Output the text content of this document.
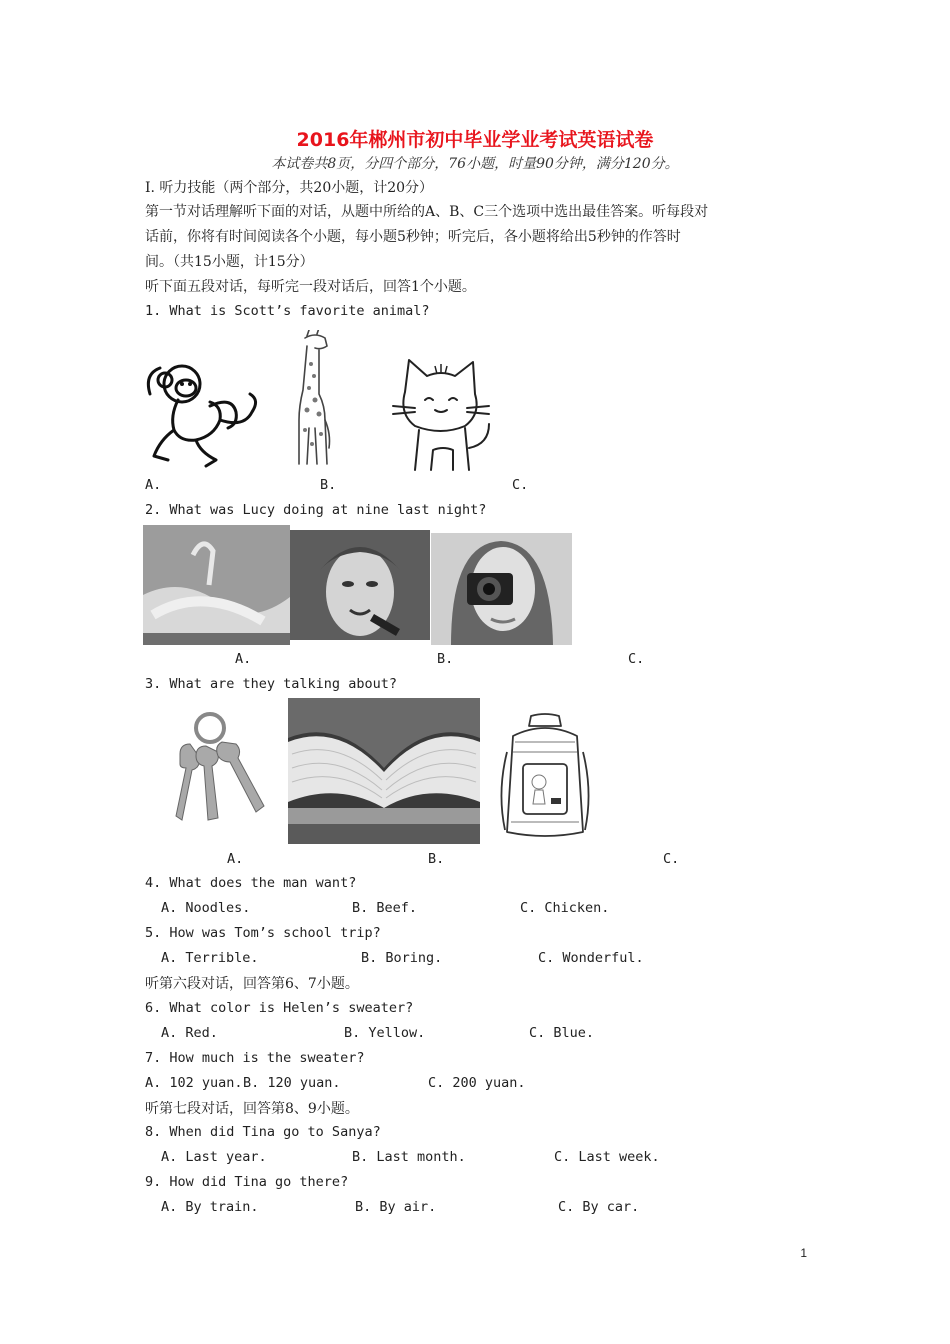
2016年郴州市初中毕业学业考试英语试卷
本试卷共8页，分四个部分，76小题，时量90分钟，满分120分。
I. 听力技能（两个部分，共20小题，计20分）
第一节对话理解听下面的对话，从题中所给的A、B、C三个选项中选出最佳答案。听每段对
话前，你将有时间阅读各个小题，每小题5秒钟；听完后，各小题将给出5秒钟的作答时
间。（共15小题，计15分）
听下面五段对话，每听完一段对话后，回答1个小题。
1. What is Scott’s favorite animal?
A.	B.	C.
2. What was Lucy doing at nine last night?
A.	B.	C.
3. What are they talking about?
A.	B.	C.
4. What does the man want?
A. Noodles.	B. Beef.	C. Chicken.
5. How was Tom’s school trip?
A. Terrible.	B. Boring.	C. Wonderful.
听第六段对话，回答第6、7小题。
6. What color is Helen’s sweater?
A. Red.	B. Yellow.	C. Blue.
7. How much is the sweater?
A. 102 yuan. B. 120 yuan.	C. 200 yuan.
听第七段对话，回答第8、9小题。
8. When did Tina go to Sanya?
A. Last year.	B. Last month.	C. Last week.
9. How did Tina go there?
A. By train.	B. By air.	C. By car.
1
